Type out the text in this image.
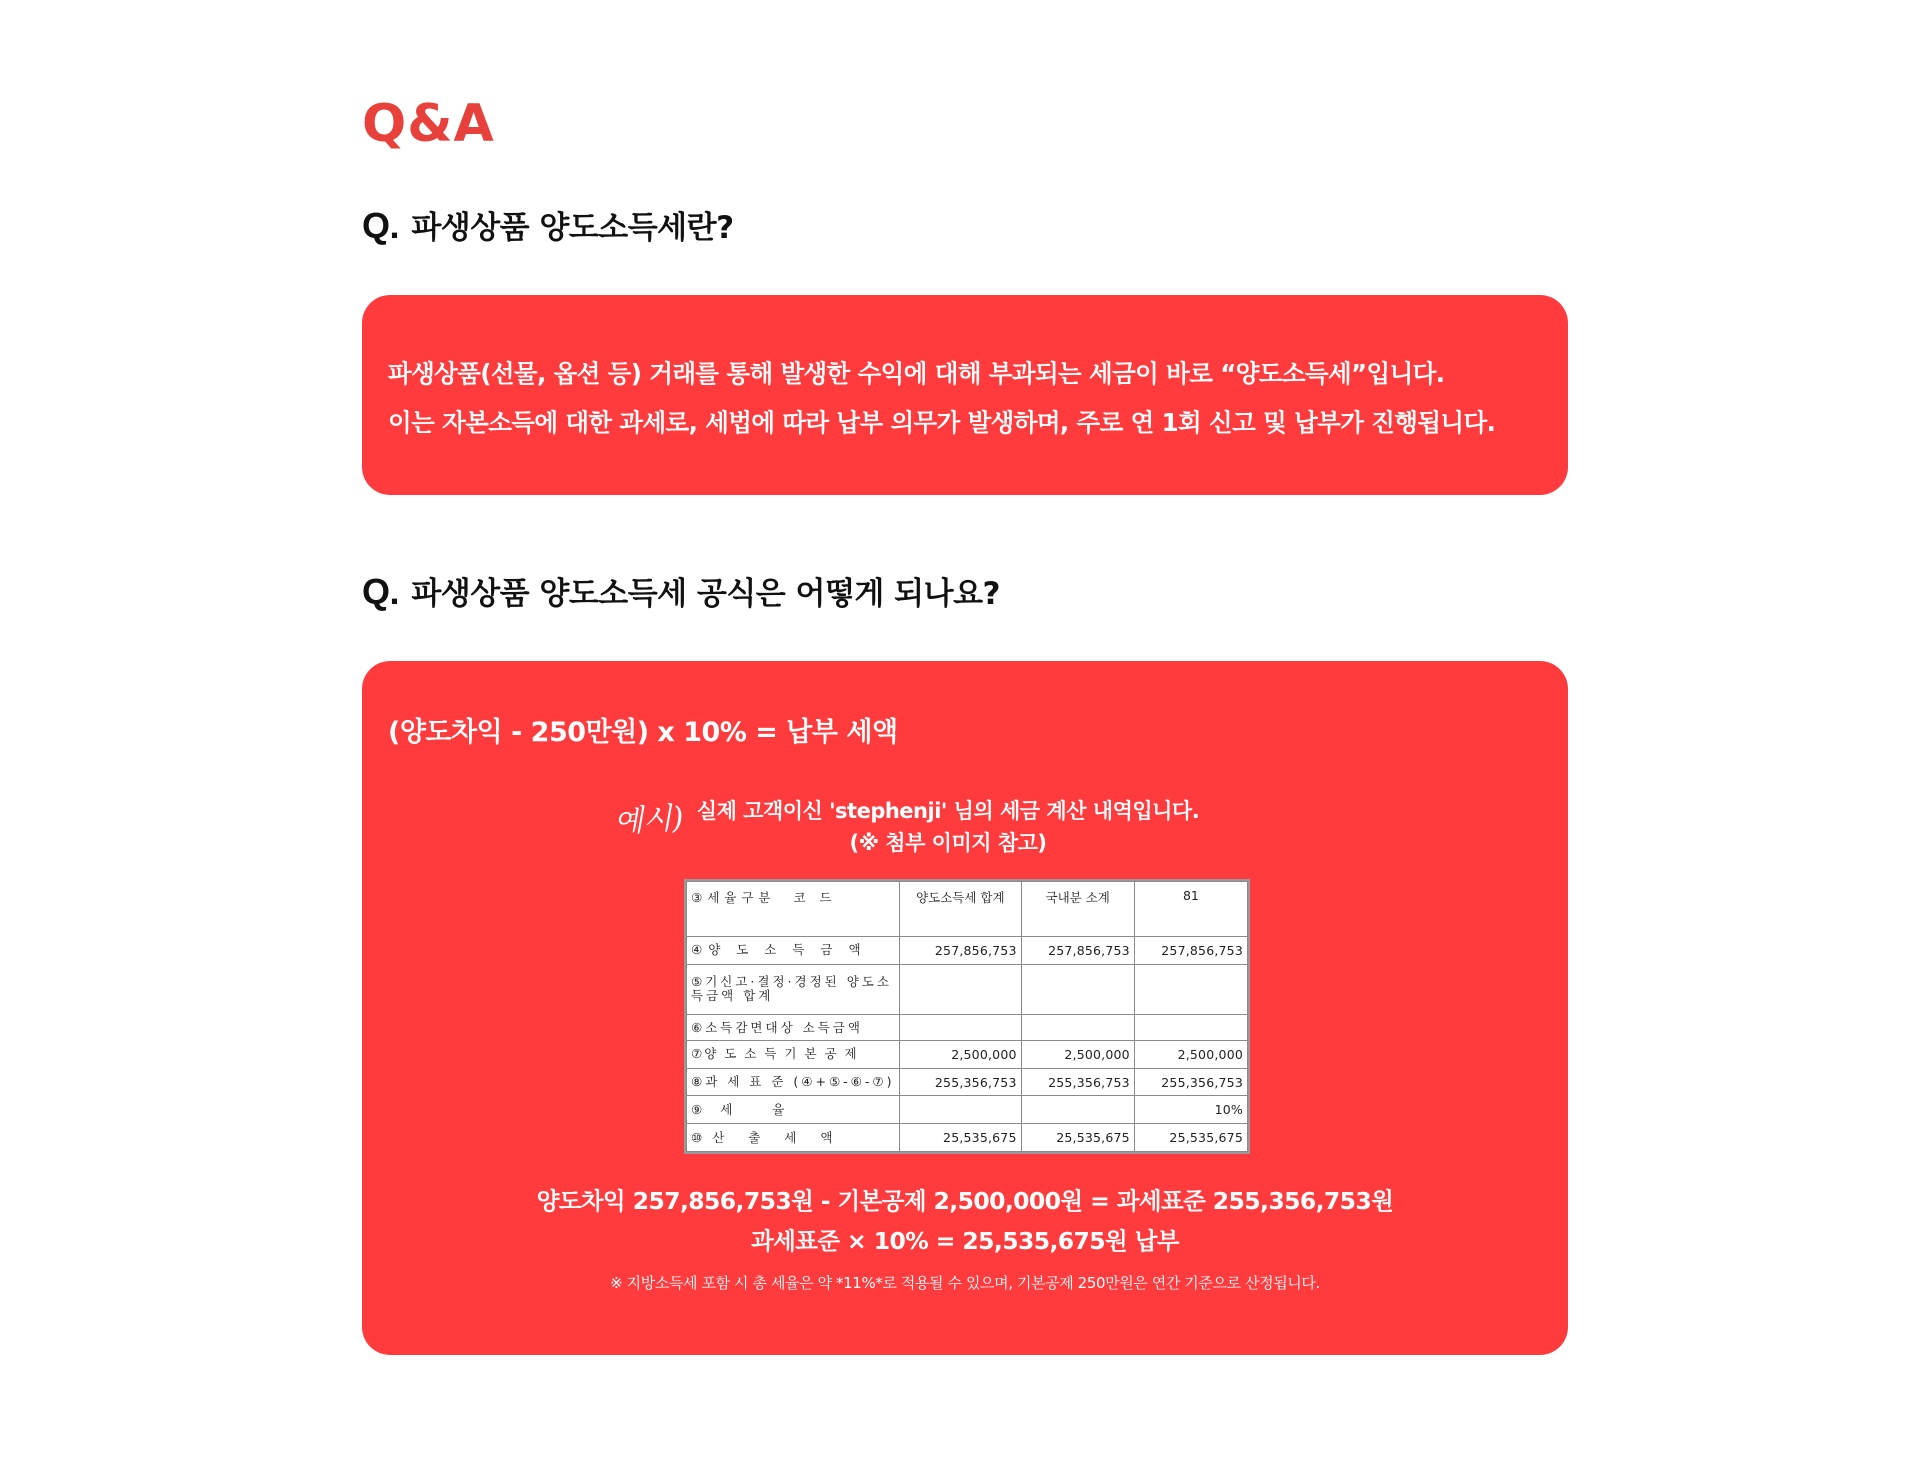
Q&A
Q. 파생상품 양도소득세란?

파생상품(선물, 옵션 등) 거래를 통해 발생한 수익에 대해 부과되는 세금이 바로 “양도소득세”입니다.

이는 자본소득에 대한 과세로, 세법에 따라 납부 의무가 발생하며, 주로 연 1회 신고 및 납부가 진행됩니다.

Q. 파생상품 양도소득세 공식은 어떻게 되나요?

(양도차익 - 250만원) x 10% = 납부 세액

예시) 실제 고객이신 'stephenji' 님의 세금 계산 내역입니다.
(※ 첨부 이미지 참고)
③세율구분 코 드	양도소득세 합계	국내분 소계	81
④양 도 소 득 금 액	257,856,753	257,856,753	257,856,753
⑤기신고·결정·경정된 양도소득금액 합계			
⑥소득감면대상 소득금액			
⑦양 도 소 득 기 본 공 제	2,500,000	2,500,000	2,500,000
⑧과 세 표 준 (④+⑤-⑥-⑦)	255,356,753	255,356,753	255,356,753
⑨세 율			10%
⑩산 출 세 액	25,535,675	25,535,675	25,535,675
양도차익 257,856,753원 - 기본공제 2,500,000원 = 과세표준 255,356,753원
과세표준 × 10% = 25,535,675원 납부
※ 지방소득세 포함 시 총 세율은 약 *11%*로 적용될 수 있으며, 기본공제 250만원은 연간 기준으로 산정됩니다.
